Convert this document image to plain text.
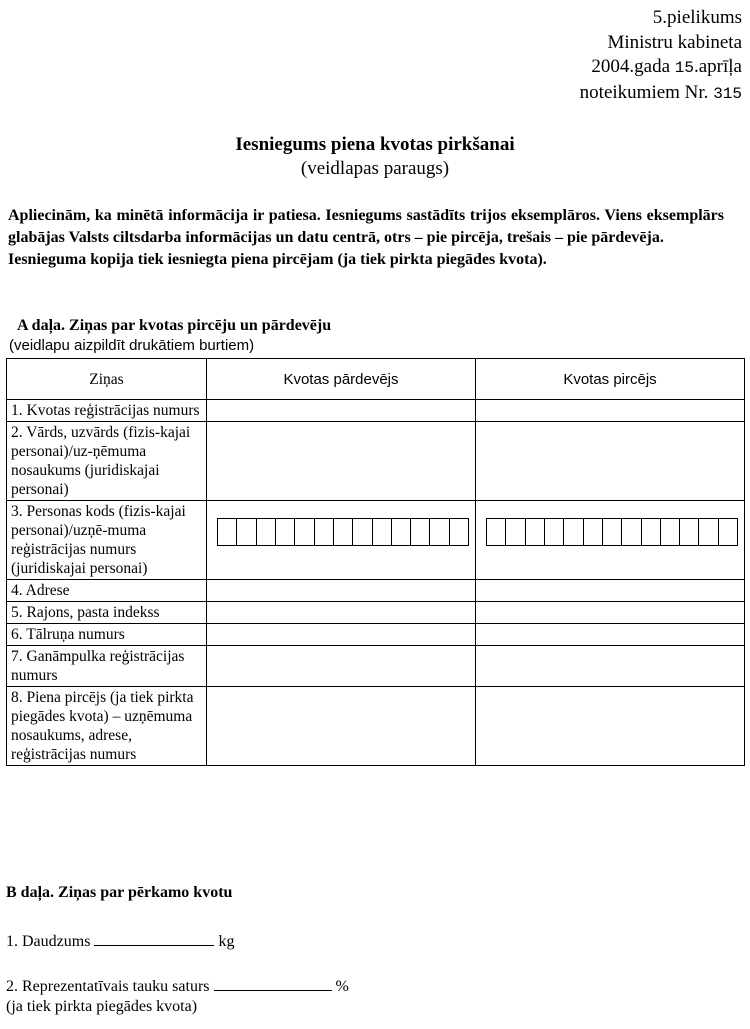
5.pielikums
Ministru kabineta
2004.gada 15.aprīļa
noteikumiem Nr. 315
Iesniegums piena kvotas pirkšanai
(veidlapas paraugs)

Apliecinām, ka minētā informācija ir patiesa. Iesniegums sastādīts trijos eksemplāros. Viens eksemplārs glabājas Valsts ciltsdarba informācijas un datu centrā, otrs – pie pircēja, trešais – pie pārdevēja.

Iesnieguma kopija tiek iesniegta piena pircējam (ja tiek pirkta piegādes kvota).

A daļa. Ziņas par kvotas pircēju un pārdevēju
(veidlapu aizpildīt drukātiem burtiem)
Ziņas	Kvotas pārdevējs	Kvotas pircējs
1. Kvotas reģistrācijas numurs		
2. Vārds, uzvārds (fizis-kajai personai)/uz-ņēmuma nosaukums (juridiskajai personai)		
3. Personas kods (fizis-kajai personai)/uzņē-muma reģistrācijas numurs (juridiskajai personai)	

4. Adrese		
5. Rajons, pasta indekss		
6. Tālruņa numurs		
7. Ganāmpulka reģistrācijas numurs		
8. Piena pircējs (ja tiek pirkta piegādes kvota) – uzņēmuma nosaukums, adrese, reģistrācijas numurs		
B daļa. Ziņas par pērkamo kvotu
1. Daudzums	kg
2. Reprezentatīvais tauku saturs	%
(ja tiek pirkta piegādes kvota)
